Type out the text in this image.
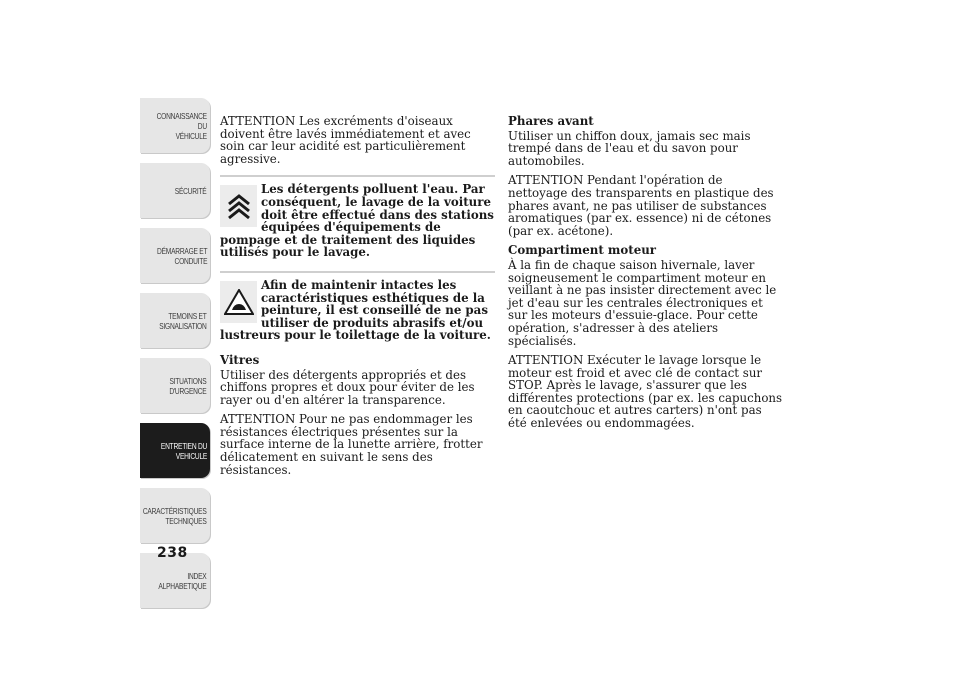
CONNAISSANCE DU
VÉHICULE
SÉCURITÉ
DÉMARRAGE ET
CONDUITE
TEMOINS ET
SIGNALISATION
SITUATIONS
D'URGENCE
ENTRETIEN DU
VEHICULE
CARACTÉRISTIQUES
TECHNIQUES
INDEX
ALPHABETIQUE
238

ATTENTION Les excréments d'oiseaux doivent être lavés immédiatement et avec soin car leur acidité est particulièrement agressive.

Les détergents polluent l'eau. Par conséquent, le lavage de la voiture doit être effectué dans des stations équipées d'équipements de pompage et de traitement des liquides utilisés pour le lavage.
Afin de maintenir intactes les caractéristiques esthétiques de la peinture, il est conseillé de ne pas utiliser de produits abrasifs et/ou lustreurs pour le toilettage de la voiture.

Vitres

Utiliser des détergents appropriés et des chiffons propres et doux pour éviter de les rayer ou d'en altérer la transparence.

ATTENTION Pour ne pas endommager les résistances électriques présentes sur la surface interne de la lunette arrière, frotter délicatement en suivant le sens des résistances.

Phares avant

Utiliser un chiffon doux, jamais sec mais trempé dans de l'eau et du savon pour automobiles.

ATTENTION Pendant l'opération de nettoyage des transparents en plastique des phares avant, ne pas utiliser de substances aromatiques (par ex. essence) ni de cétones (par ex. acétone).

Compartiment moteur

À la fin de chaque saison hivernale, laver soigneusement le compartiment moteur en veillant à ne pas insister directement avec le jet d'eau sur les centrales électroniques et sur les moteurs d'essuie-glace. Pour cette opération, s'adresser à des ateliers spécialisés.

ATTENTION Exécuter le lavage lorsque le moteur est froid et avec clé de contact sur STOP. Après le lavage, s'assurer que les différentes protections (par ex. les capuchons en caoutchouc et autres carters) n'ont pas été enlevées ou endommagées.
